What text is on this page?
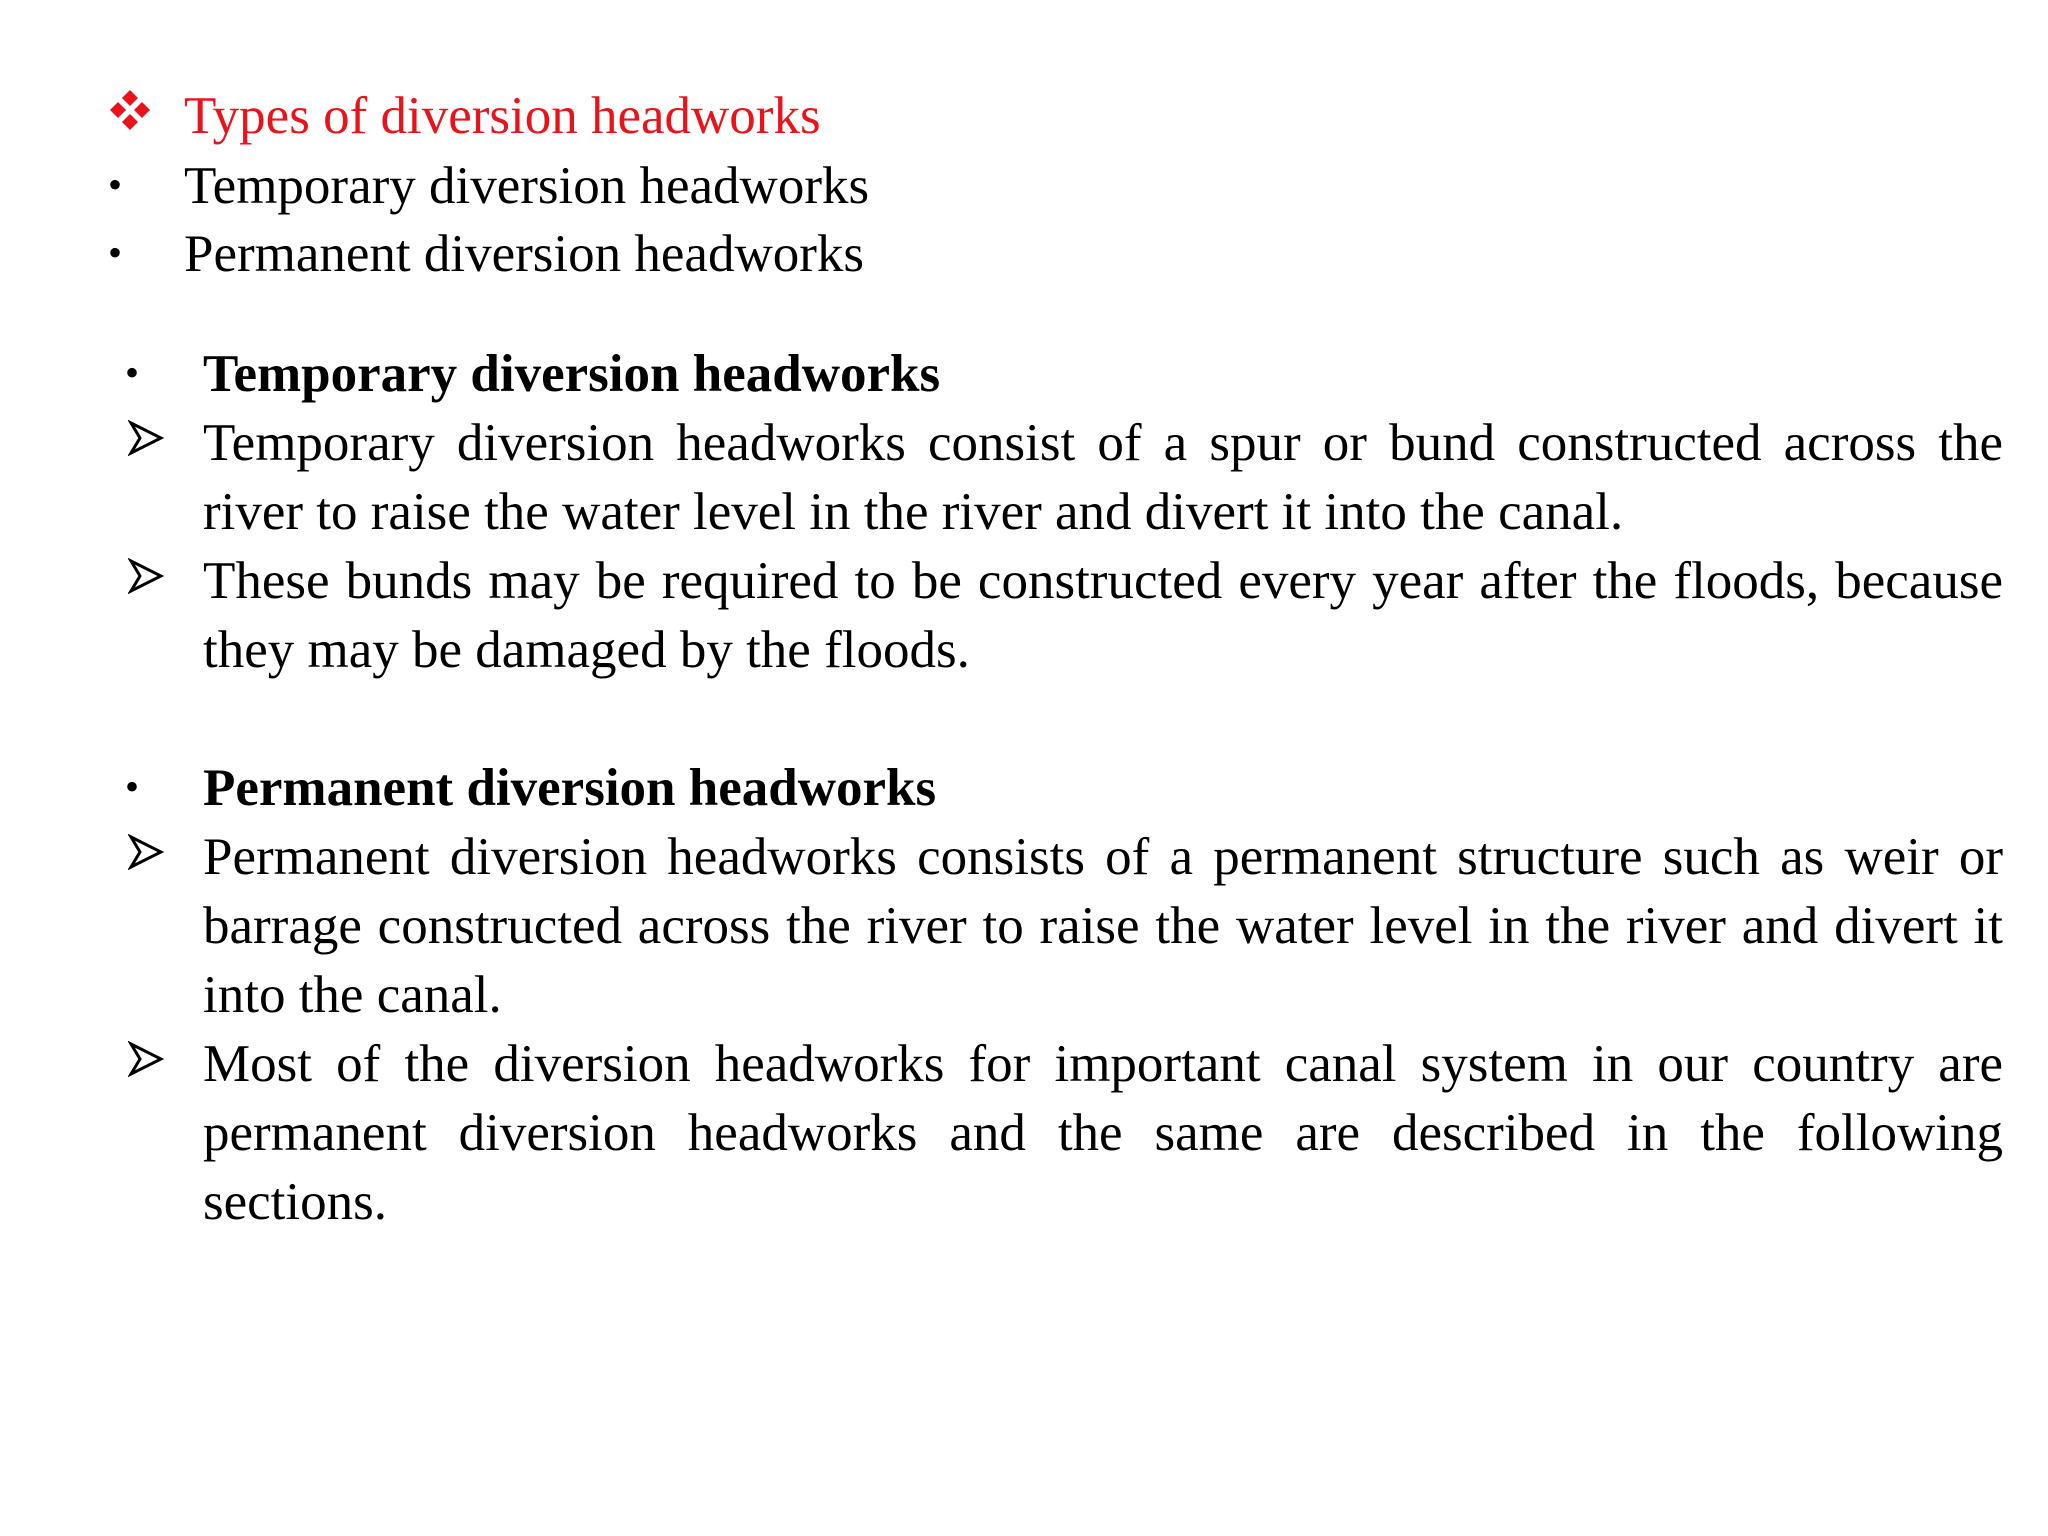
Types of diversion headworks
• Temporary diversion headworks
• Permanent diversion headworks
• Temporary diversion headworks
Temporary diversion headworks consist of a spur or bund constructed across the river to raise the water level in the river and divert it into the canal.
These bunds may be required to be constructed every year after the floods, because they may be damaged by the floods.
• Permanent diversion headworks
Permanent diversion headworks consists of a permanent structure such as weir or barrage constructed across the river to raise the water level in the river and divert it into the canal.
Most of the diversion headworks for important canal system in our country are permanent diversion headworks and the same are described in the following sections.
